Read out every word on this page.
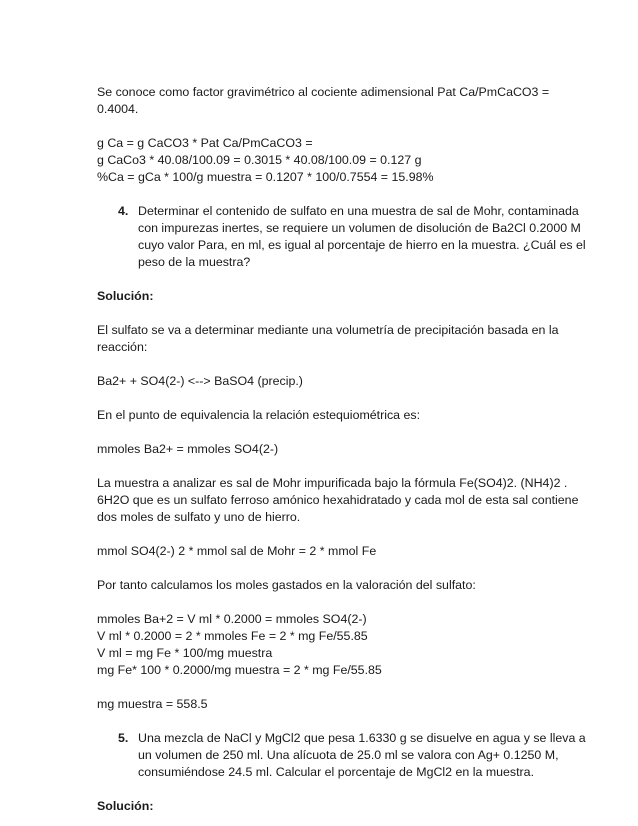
Se conoce como factor gravimétrico al cociente adimensional Pat Ca/PmCaCO3 = 0.4004.

g Ca = g CaCO3 * Pat Ca/PmCaCO3 =
g CaCo3 * 40.08/100.09 = 0.3015 * 40.08/100.09 = 0.127 g
%Ca = gCa * 100/g muestra = 0.1207 * 100/0.7554 = 15.98%

4. Determinar el contenido de sulfato en una muestra de sal de Mohr, contaminada con impurezas inertes, se requiere un volumen de disolución de Ba2Cl 0.2000 M cuyo valor Para, en ml, es igual al porcentaje de hierro en la muestra. ¿Cuál es el peso de la muestra?

Solución:

El sulfato se va a determinar mediante una volumetría de precipitación basada en la reacción:

Ba2+ + SO4(2-) <--> BaSO4 (precip.)

En el punto de equivalencia la relación estequiométrica es:

mmoles Ba2+ = mmoles SO4(2-)

La muestra a analizar es sal de Mohr impurificada bajo la fórmula Fe(SO4)2. (NH4)2 . 6H2O que es un sulfato ferroso amónico hexahidratado y cada mol de esta sal contiene dos moles de sulfato y uno de hierro.

mmol SO4(2-) 2 * mmol sal de Mohr = 2 * mmol Fe

Por tanto calculamos los moles gastados en la valoración del sulfato:

mmoles Ba+2 = V ml * 0.2000 = mmoles SO4(2-)
V ml * 0.2000 = 2 * mmoles Fe = 2 * mg Fe/55.85
V ml = mg Fe * 100/mg muestra
mg Fe* 100 * 0.2000/mg muestra = 2 * mg Fe/55.85

mg muestra = 558.5

5. Una mezcla de NaCl y MgCl2 que pesa 1.6330 g se disuelve en agua y se lleva a un volumen de 250 ml. Una alícuota de 25.0 ml se valora con Ag+ 0.1250 M, consumiéndose 24.5 ml. Calcular el porcentaje de MgCl2 en la muestra.

Solución:
